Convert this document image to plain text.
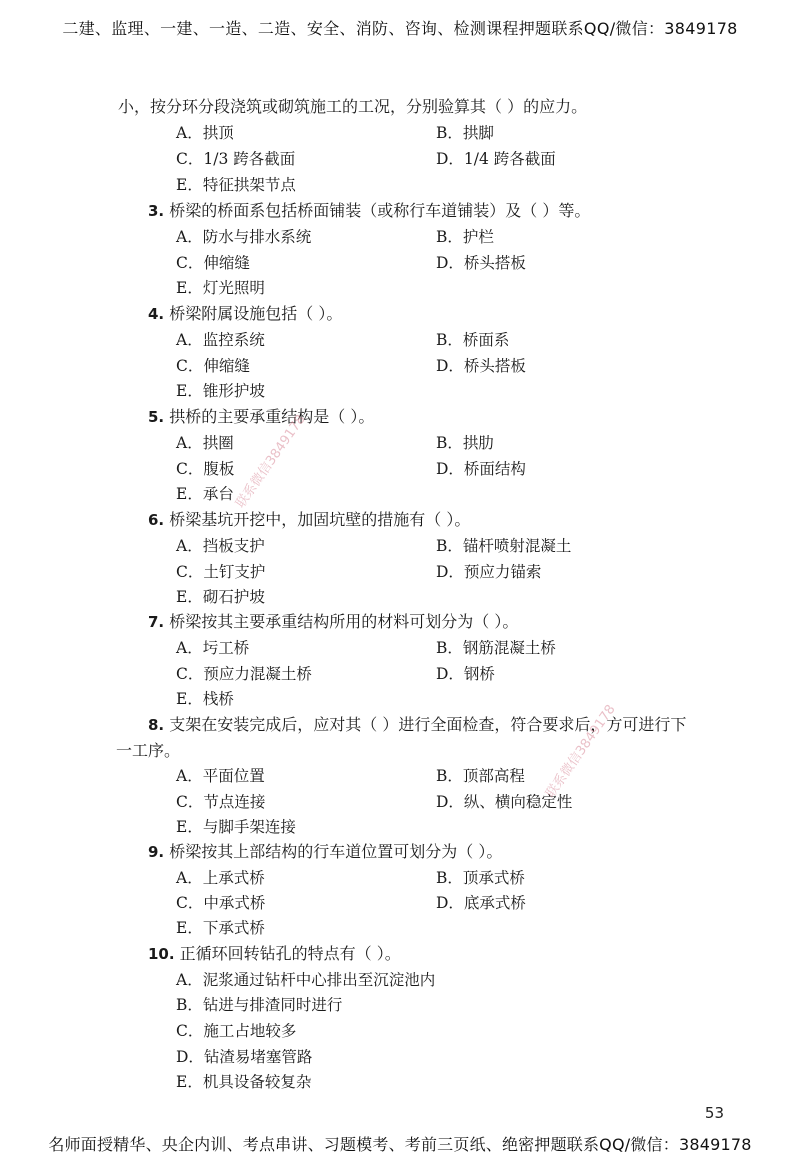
二建、监理、一建、一造、二造、安全、消防、咨询、检测课程押题联系QQ/微信：3849178
小，按分环分段浇筑或砌筑施工的工况，分别验算其（ ）的应力。
A．拱顶	B．拱脚
C．1/3 跨各截面	D．1/4 跨各截面
E．特征拱架节点
3. 桥梁的桥面系包括桥面铺装（或称行车道铺装）及（ ）等。
A．防水与排水系统	B．护栏
C．伸缩缝	D．桥头搭板
E．灯光照明
4. 桥梁附属设施包括（ ）。
A．监控系统	B．桥面系
C．伸缩缝	D．桥头搭板
E．锥形护坡
5. 拱桥的主要承重结构是（ ）。
A．拱圈	B．拱肋
C．腹板	D．桥面结构
E．承台
6. 桥梁基坑开挖中，加固坑壁的措施有（ ）。
A．挡板支护	B．锚杆喷射混凝土
C．土钉支护	D．预应力锚索
E．砌石护坡
7. 桥梁按其主要承重结构所用的材料可划分为（ ）。
A．圬工桥	B．钢筋混凝土桥
C．预应力混凝土桥	D．钢桥
E．栈桥
8. 支架在安装完成后，应对其（ ）进行全面检查，符合要求后，方可进行下
一工序。
A．平面位置	B．顶部高程
C．节点连接	D．纵、横向稳定性
E．与脚手架连接
9. 桥梁按其上部结构的行车道位置可划分为（ ）。
A．上承式桥	B．顶承式桥
C．中承式桥	D．底承式桥
E．下承式桥
10. 正循环回转钻孔的特点有（ ）。
A．泥浆通过钻杆中心排出至沉淀池内
B．钻进与排渣同时进行
C．施工占地较多
D．钻渣易堵塞管路
E．机具设备较复杂
联系微信3849178
联系微信3849178
53
名师面授精华、央企内训、考点串讲、习题模考、考前三页纸、绝密押题联系QQ/微信：3849178
